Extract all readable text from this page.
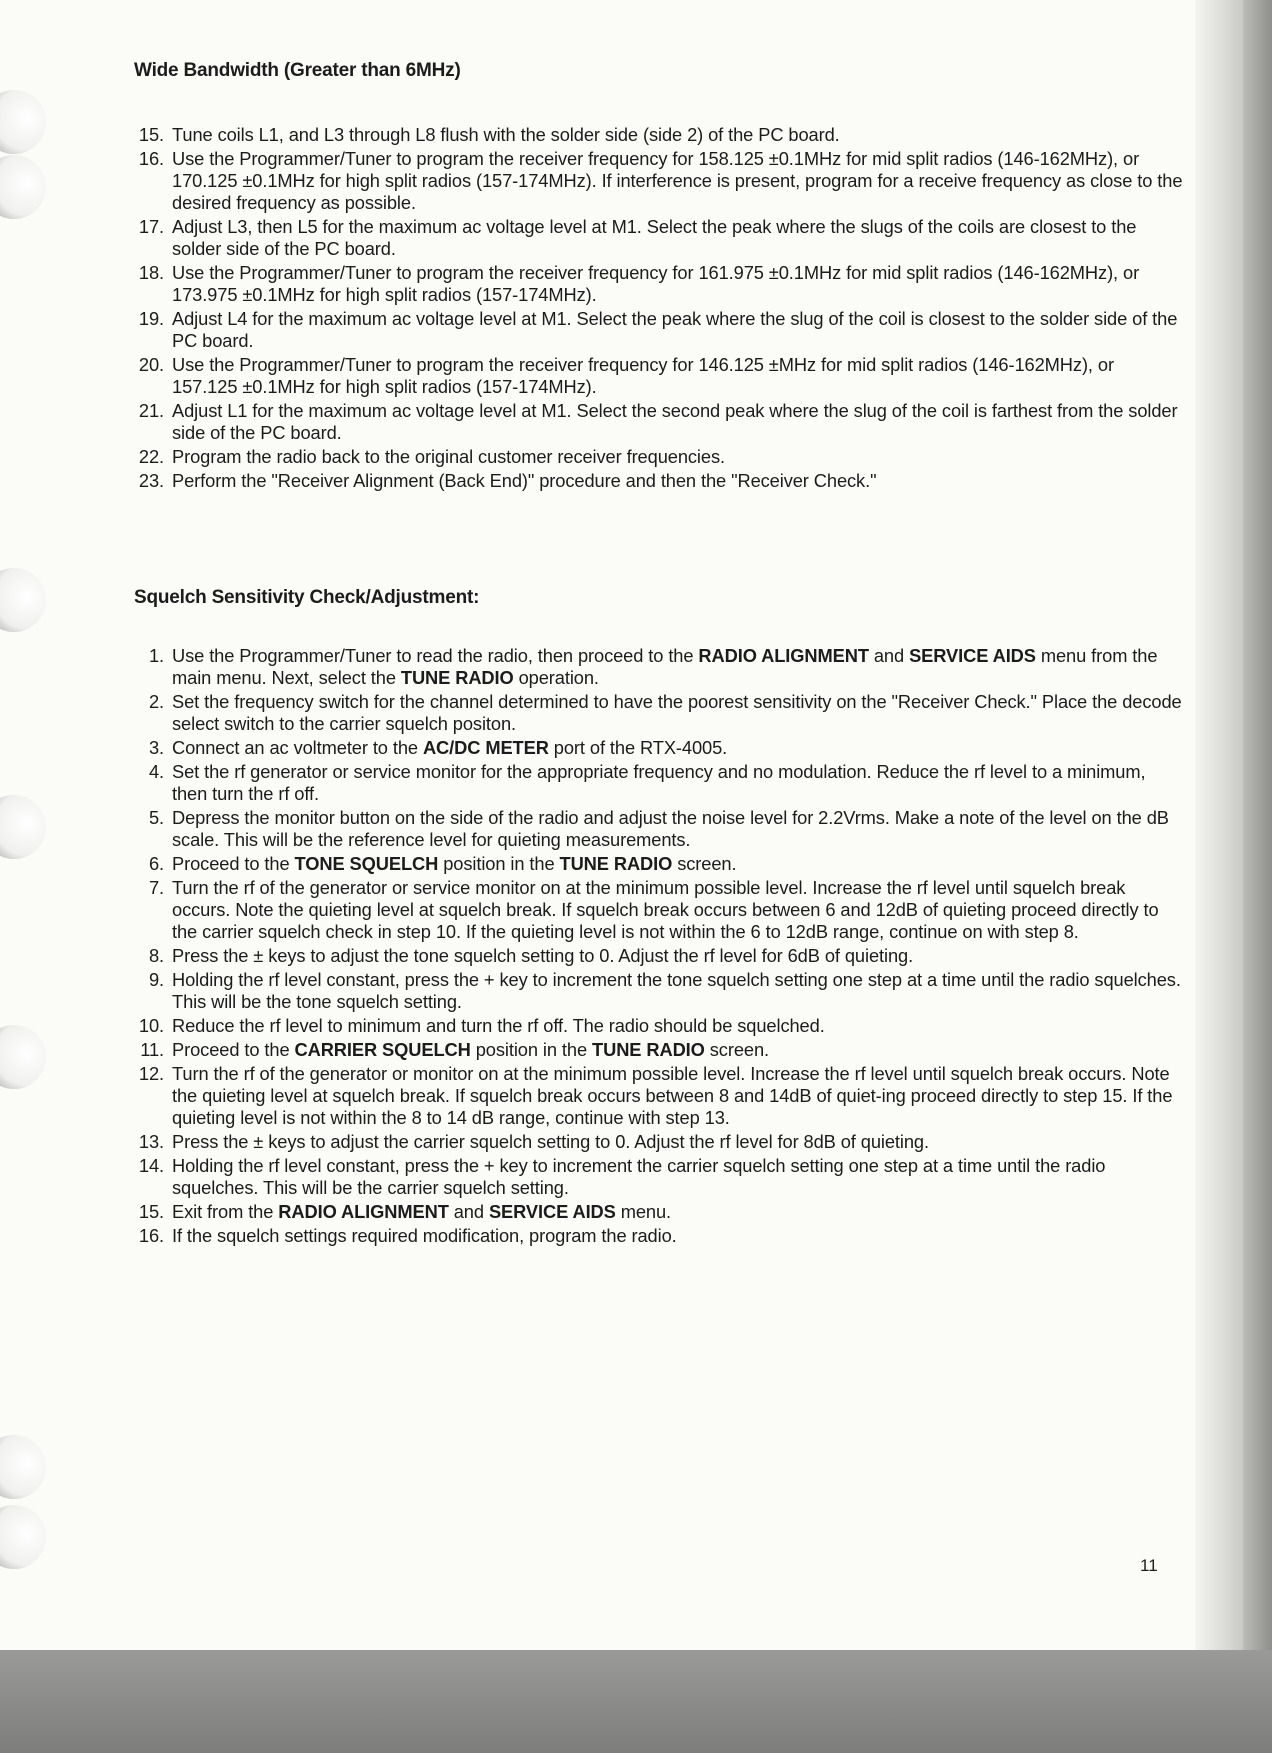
Wide Bandwidth (Greater than 6MHz)
15. Tune coils L1, and L3 through L8 flush with the solder side (side 2) of the PC board.
16. Use the Programmer/Tuner to program the receiver frequency for 158.125 ±0.1MHz for mid split radios (146-162MHz), or 170.125 ±0.1MHz for high split radios (157-174MHz). If interference is present, program for a receive frequency as close to the desired frequency as possible.
17. Adjust L3, then L5 for the maximum ac voltage level at M1. Select the peak where the slugs of the coils are closest to the solder side of the PC board.
18. Use the Programmer/Tuner to program the receiver frequency for 161.975 ±0.1MHz for mid split radios (146-162MHz), or 173.975 ±0.1MHz for high split radios (157-174MHz).
19. Adjust L4 for the maximum ac voltage level at M1. Select the peak where the slug of the coil is closest to the solder side of the PC board.
20. Use the Programmer/Tuner to program the receiver frequency for 146.125 ±MHz for mid split radios (146-162MHz), or 157.125 ±0.1MHz for high split radios (157-174MHz).
21. Adjust L1 for the maximum ac voltage level at M1. Select the second peak where the slug of the coil is farthest from the solder side of the PC board.
22. Program the radio back to the original customer receiver frequencies.
23. Perform the "Receiver Alignment (Back End)" procedure and then the "Receiver Check."
Squelch Sensitivity Check/Adjustment:
1. Use the Programmer/Tuner to read the radio, then proceed to the RADIO ALIGNMENT and SERVICE AIDS menu from the main menu. Next, select the TUNE RADIO operation.
2. Set the frequency switch for the channel determined to have the poorest sensitivity on the "Receiver Check." Place the decode select switch to the carrier squelch positon.
3. Connect an ac voltmeter to the AC/DC METER port of the RTX-4005.
4. Set the rf generator or service monitor for the appropriate frequency and no modulation. Reduce the rf level to a minimum, then turn the rf off.
5. Depress the monitor button on the side of the radio and adjust the noise level for 2.2Vrms. Make a note of the level on the dB scale. This will be the reference level for quieting measurements.
6. Proceed to the TONE SQUELCH position in the TUNE RADIO screen.
7. Turn the rf of the generator or service monitor on at the minimum possible level. Increase the rf level until squelch break occurs. Note the quieting level at squelch break. If squelch break occurs between 6 and 12dB of quieting proceed directly to the carrier squelch check in step 10. If the quieting level is not within the 6 to 12dB range, continue on with step 8.
8. Press the ± keys to adjust the tone squelch setting to 0. Adjust the rf level for 6dB of quieting.
9. Holding the rf level constant, press the + key to increment the tone squelch setting one step at a time until the radio squelches. This will be the tone squelch setting.
10. Reduce the rf level to minimum and turn the rf off. The radio should be squelched.
11. Proceed to the CARRIER SQUELCH position in the TUNE RADIO screen.
12. Turn the rf of the generator or monitor on at the minimum possible level. Increase the rf level until squelch break occurs. Note the quieting level at squelch break. If squelch break occurs between 8 and 14dB of quiet-ing proceed directly to step 15. If the quieting level is not within the 8 to 14 dB range, continue with step 13.
13. Press the ± keys to adjust the carrier squelch setting to 0. Adjust the rf level for 8dB of quieting.
14. Holding the rf level constant, press the + key to increment the carrier squelch setting one step at a time until the radio squelches. This will be the carrier squelch setting.
15. Exit from the RADIO ALIGNMENT and SERVICE AIDS menu.
16. If the squelch settings required modification, program the radio.
11
